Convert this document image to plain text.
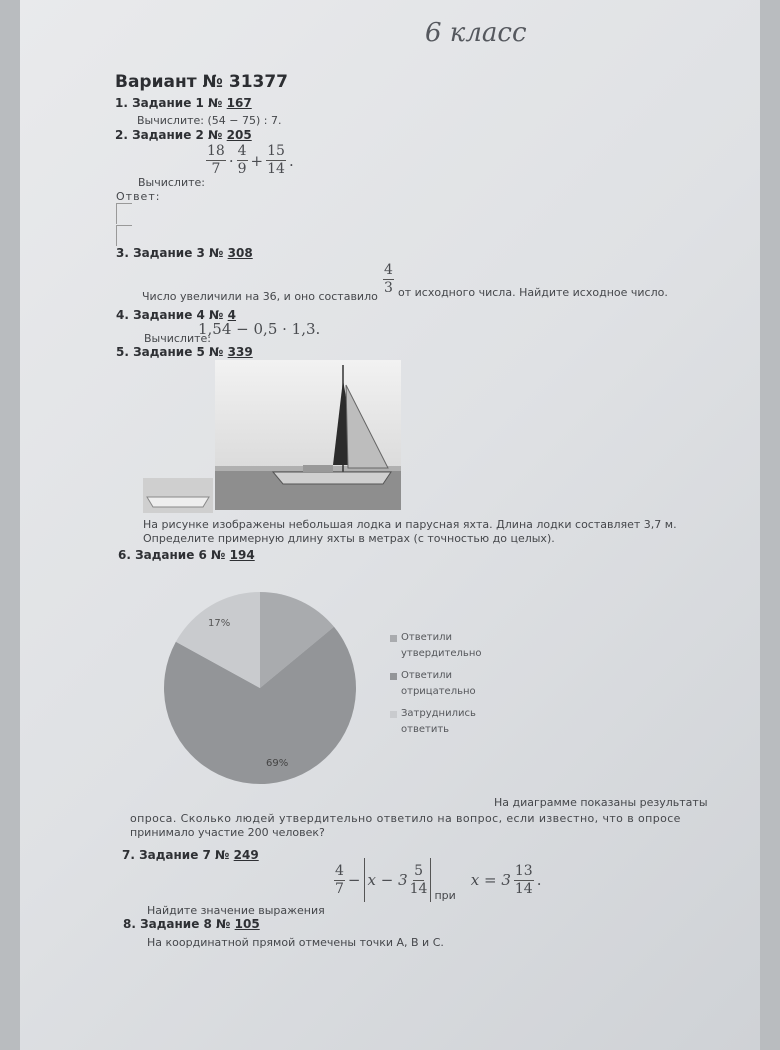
6 класс
Вариант № 31377
1. Задание 1 № 167
Вычислите: (54 − 75) : 7.
2. Задание 2 № 205
Вычислите:
$\frac{18}{7} \cdot \frac{4}{9} + \frac{15}{14}$ .
Ответ:
3. Задание 3 № 308
Число увеличили на 36, и оно составило $\frac{4}{3}$ от исходного числа. Найдите исходное число.
4. Задание 4 № 4
Вычислите:
1,54 − 0,5 · 1,3.
5. Задание 5 № 339
На рисунке изображены небольшая лодка и парусная яхта. Длина лодки составляет 3,7 м.
Определите примерную длину яхты в метрах (с точностью до целых).
6. Задание 6 № 194
17%
69%
Ответили
утвердительно
Ответили
отрицательно
Затруднились
ответить
На диаграмме показаны результаты
опроса. Сколько людей утвердительно ответило на вопрос, если известно, что в опросе
принимало участие 200 человек?
7. Задание 7 № 249
Найдите значение выражения
$\frac{4}{7} - x - 3 \frac{5}{14}$ при
$x = 3 \frac{13}{14}$ .
8. Задание 8 № 105
На координатной прямой отмечены точки A, B и C.
